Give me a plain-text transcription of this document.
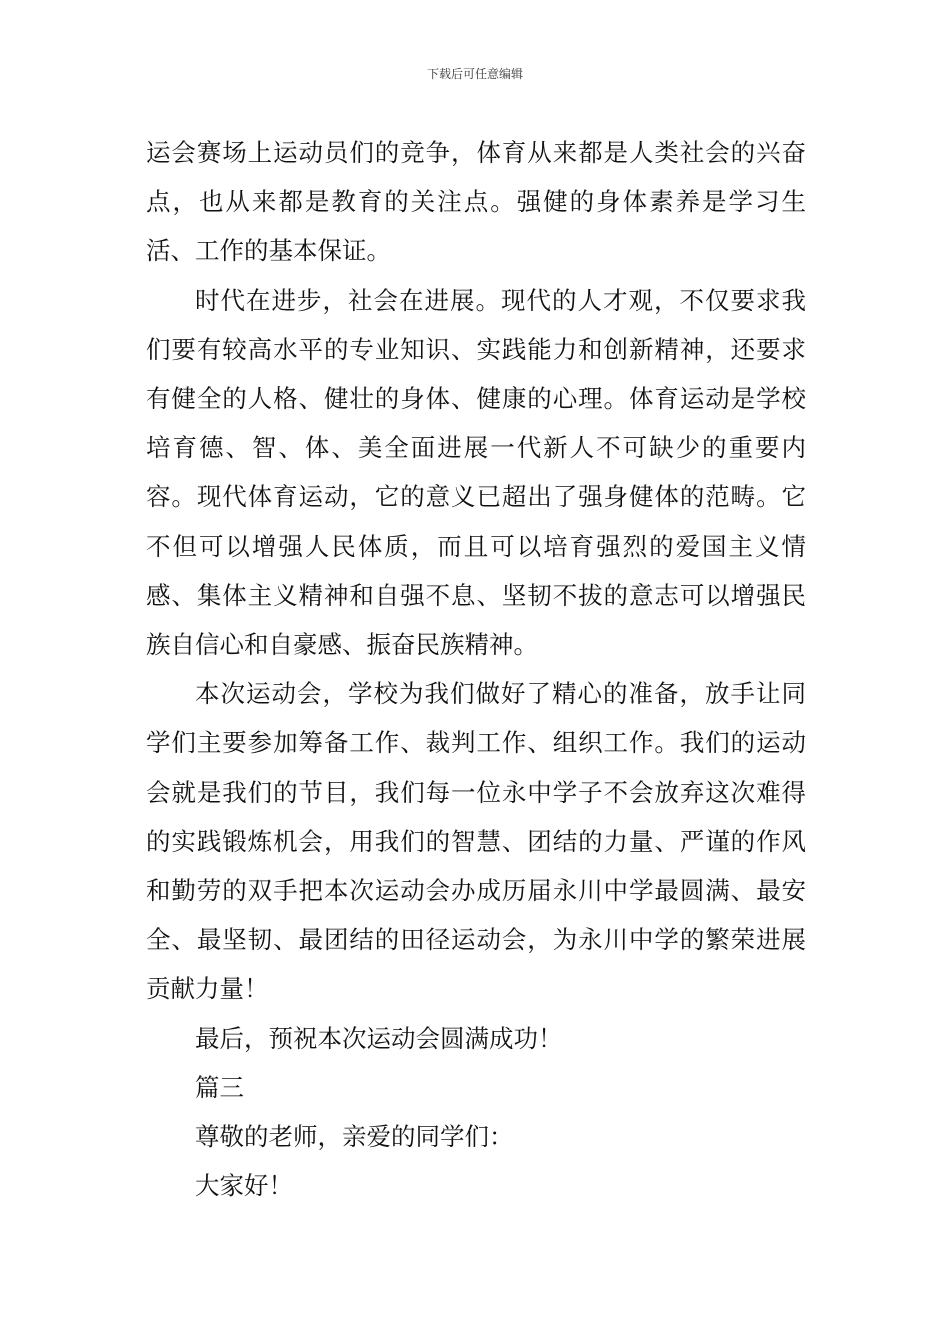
下载后可任意编辑

运会赛场上运动员们的竞争，体育从来都是人类社会的兴奋点，也从来都是教育的关注点。强健的身体素养是学习生活、工作的基本保证。

时代在进步，社会在进展。现代的人才观，不仅要求我们要有较高水平的专业知识、实践能力和创新精神，还要求有健全的人格、健壮的身体、健康的心理。体育运动是学校培育德、智、体、美全面进展一代新人不可缺少的重要内容。现代体育运动，它的意义已超出了强身健体的范畴。它不但可以增强人民体质，而且可以培育强烈的爱国主义情感、集体主义精神和自强不息、坚韧不拔的意志可以增强民族自信心和自豪感、振奋民族精神。

本次运动会，学校为我们做好了精心的准备，放手让同学们主要参加筹备工作、裁判工作、组织工作。我们的运动会就是我们的节目，我们每一位永中学子不会放弃这次难得的实践锻炼机会，用我们的智慧、团结的力量、严谨的作风和勤劳的双手把本次运动会办成历届永川中学最圆满、最安全、最坚韧、最团结的田径运动会，为永川中学的繁荣进展贡献力量！

最后，预祝本次运动会圆满成功！

篇三

尊敬的老师，亲爱的同学们：

大家好！
